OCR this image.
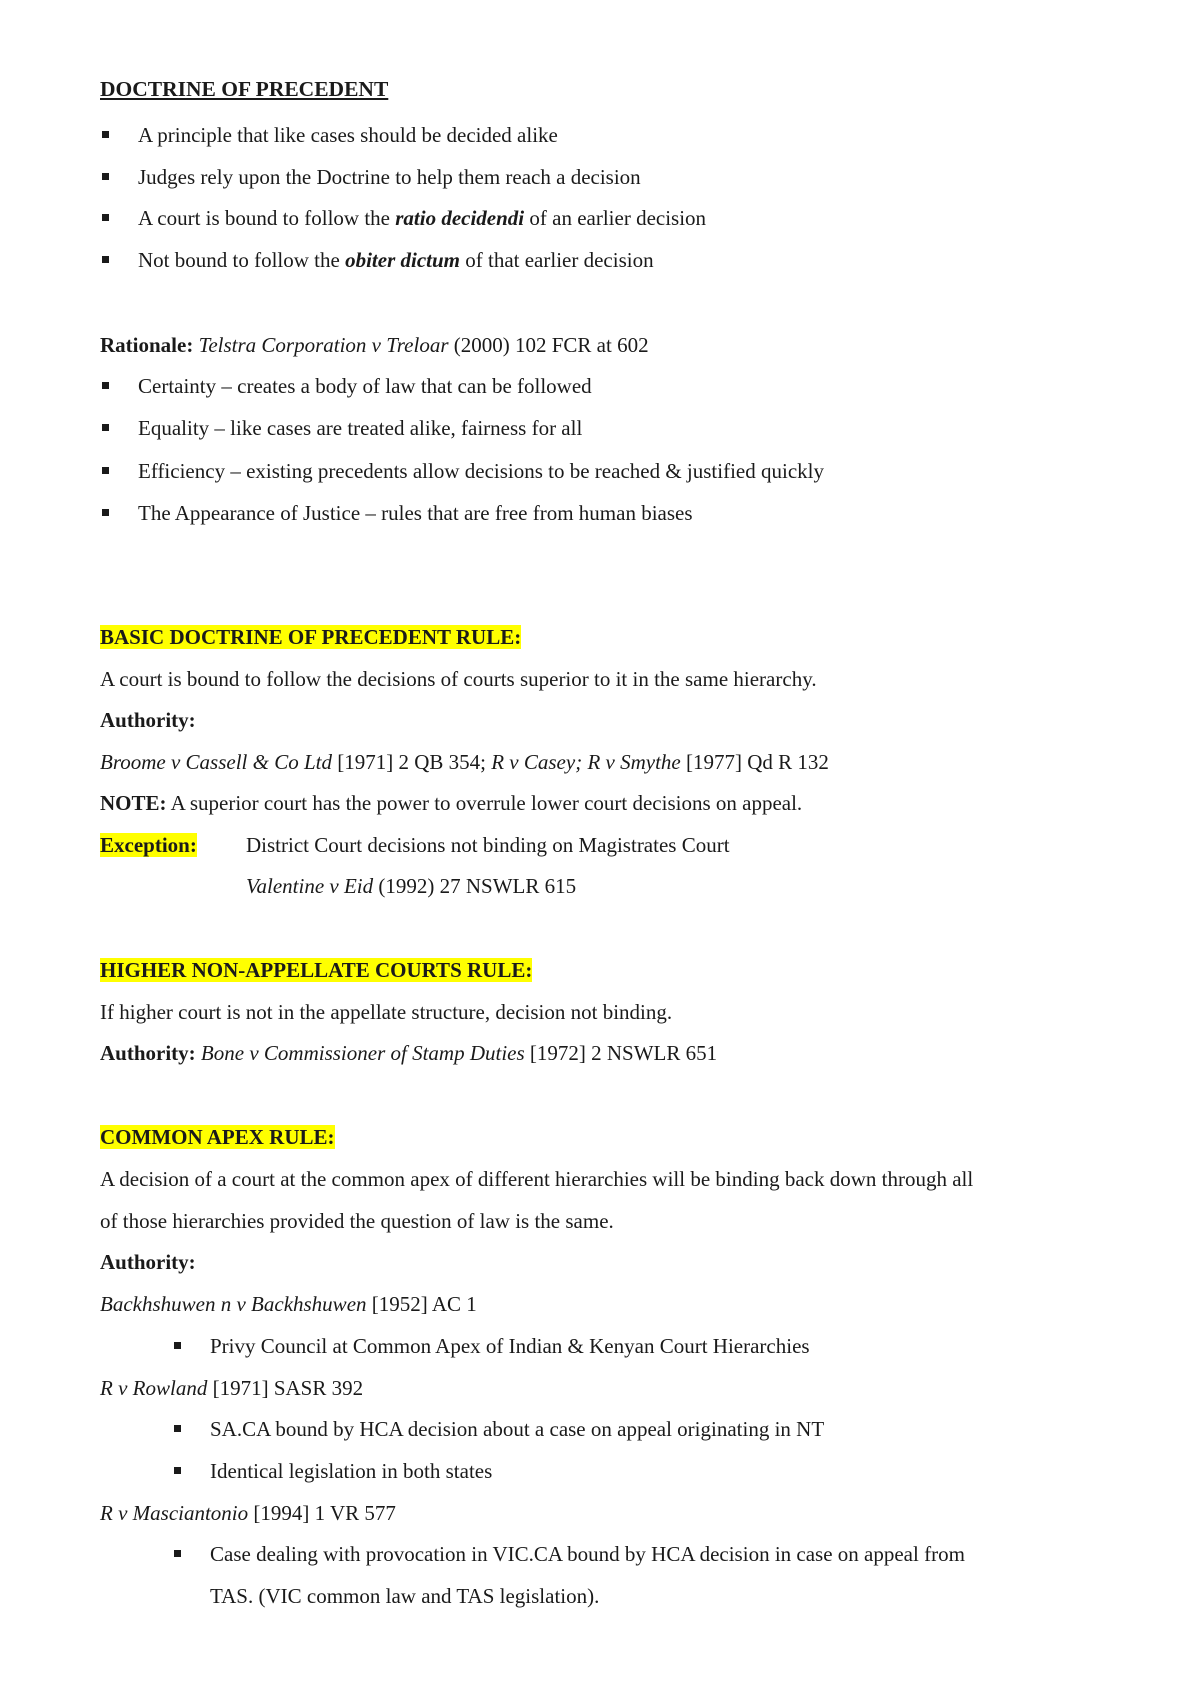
DOCTRINE OF PRECEDENT
A principle that like cases should be decided alike
Judges rely upon the Doctrine to help them reach a decision
A court is bound to follow the ratio decidendi of an earlier decision
Not bound to follow the obiter dictum of that earlier decision
Rationale: Telstra Corporation v Treloar (2000) 102 FCR at 602
Certainty – creates a body of law that can be followed
Equality – like cases are treated alike, fairness for all
Efficiency – existing precedents allow decisions to be reached & justified quickly
The Appearance of Justice – rules that are free from human biases
BASIC DOCTRINE OF PRECEDENT RULE:
A court is bound to follow the decisions of courts superior to it in the same hierarchy.
Authority:
Broome v Cassell & Co Ltd [1971] 2 QB 354; R v Casey; R v Smythe [1977] Qd R 132
NOTE: A superior court has the power to overrule lower court decisions on appeal.
Exception: District Court decisions not binding on Magistrates Court
Valentine v Eid (1992) 27 NSWLR 615
HIGHER NON-APPELLATE COURTS RULE:
If higher court is not in the appellate structure, decision not binding.
Authority: Bone v Commissioner of Stamp Duties [1972] 2 NSWLR 651
COMMON APEX RULE:
A decision of a court at the common apex of different hierarchies will be binding back down through all
of those hierarchies provided the question of law is the same.
Authority:
Backhshuwen n v Backhshuwen [1952] AC 1
Privy Council at Common Apex of Indian & Kenyan Court Hierarchies
R v Rowland [1971] SASR 392
SA.CA bound by HCA decision about a case on appeal originating in NT
Identical legislation in both states
R v Masciantonio [1994] 1 VR 577
Case dealing with provocation in VIC.CA bound by HCA decision in case on appeal from
TAS. (VIC common law and TAS legislation).
